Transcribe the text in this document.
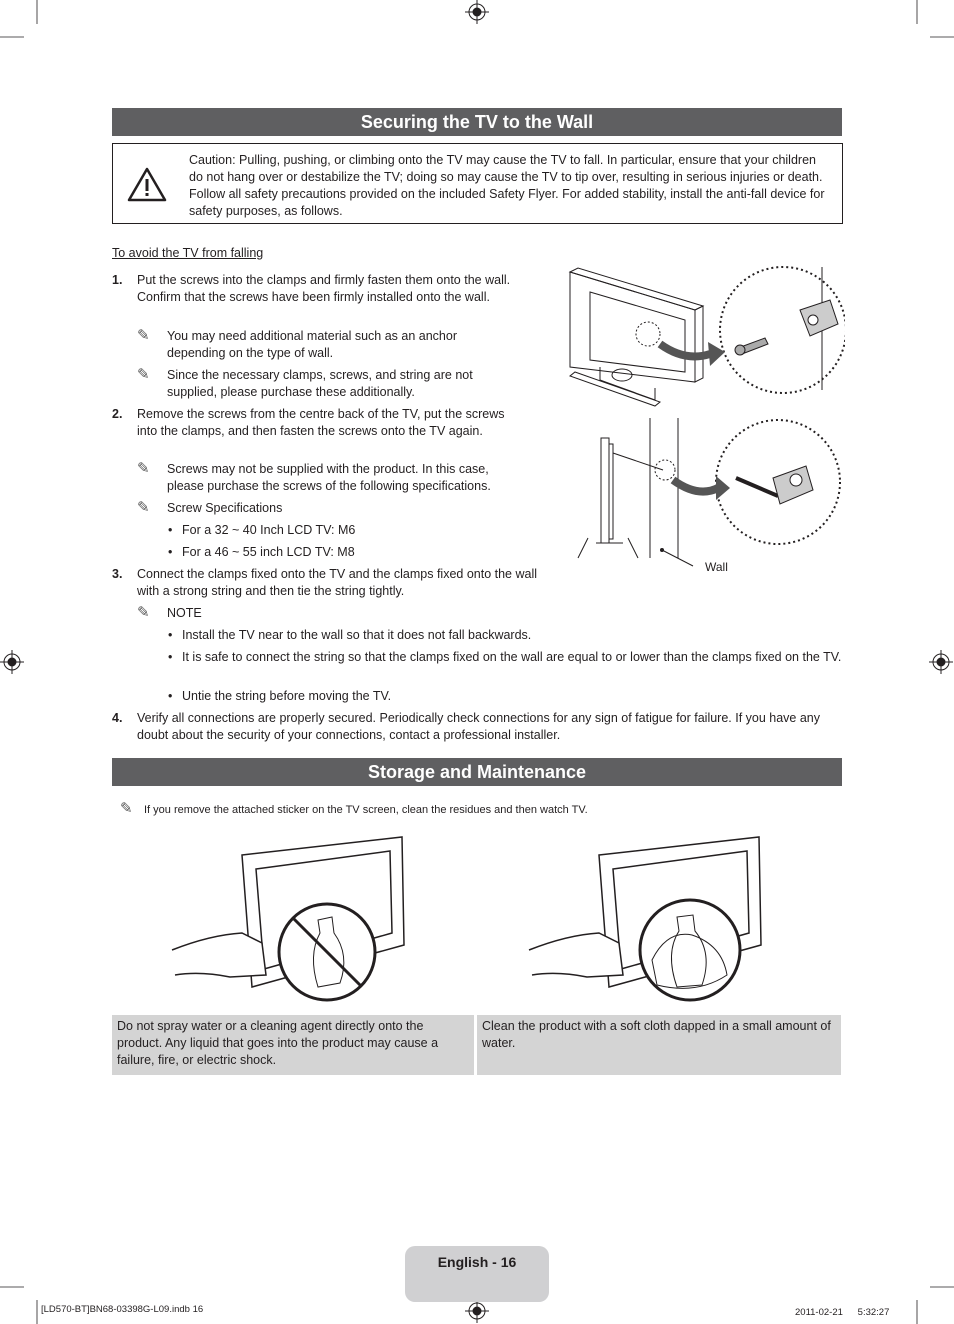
Securing the TV to the Wall
Caution: Pulling, pushing, or climbing onto the TV may cause the TV to fall. In particular, ensure that your children do not hang over or destabilize the TV; doing so may cause the TV to tip over, resulting in serious injuries or death. Follow all safety precautions provided on the included Safety Flyer. For added stability, install the anti-fall device for safety purposes, as follows.
To avoid the TV from falling
1. Put the screws into the clamps and firmly fasten them onto the wall. Confirm that the screws have been firmly installed onto the wall.
✎ You may need additional material such as an anchor depending on the type of wall.
✎ Since the necessary clamps, screws, and string are not supplied, please purchase these additionally.
2. Remove the screws from the centre back of the TV, put the screws into the clamps, and then fasten the screws onto the TV again.
✎ Screws may not be supplied with the product. In this case, please purchase the screws of the following specifications.
✎ Screw Specifications
• For a 32 ~ 40 Inch LCD TV: M6
• For a 46 ~ 55 inch LCD TV: M8
3. Connect the clamps fixed onto the TV and the clamps fixed onto the wall with a strong string and then tie the string tightly.
✎ NOTE
• Install the TV near to the wall so that it does not fall backwards.
• It is safe to connect the string so that the clamps fixed on the wall are equal to or lower than the clamps fixed on the TV.
• Untie the string before moving the TV.
4. Verify all connections are properly secured. Periodically check connections for any sign of fatigue for failure. If you have any doubt about the security of your connections, contact a professional installer.
Wall
Storage and Maintenance
✎ If you remove the attached sticker on the TV screen, clean the residues and then watch TV.
Do not spray water or a cleaning agent directly onto the product. Any liquid that goes into the product may cause a failure, fire, or electric shock.
Clean the product with a soft cloth dapped in a small amount of water.
English - 16
[LD570-BT]BN68-03398G-L09.indb 16	2011-02-21 　 5:32:27
